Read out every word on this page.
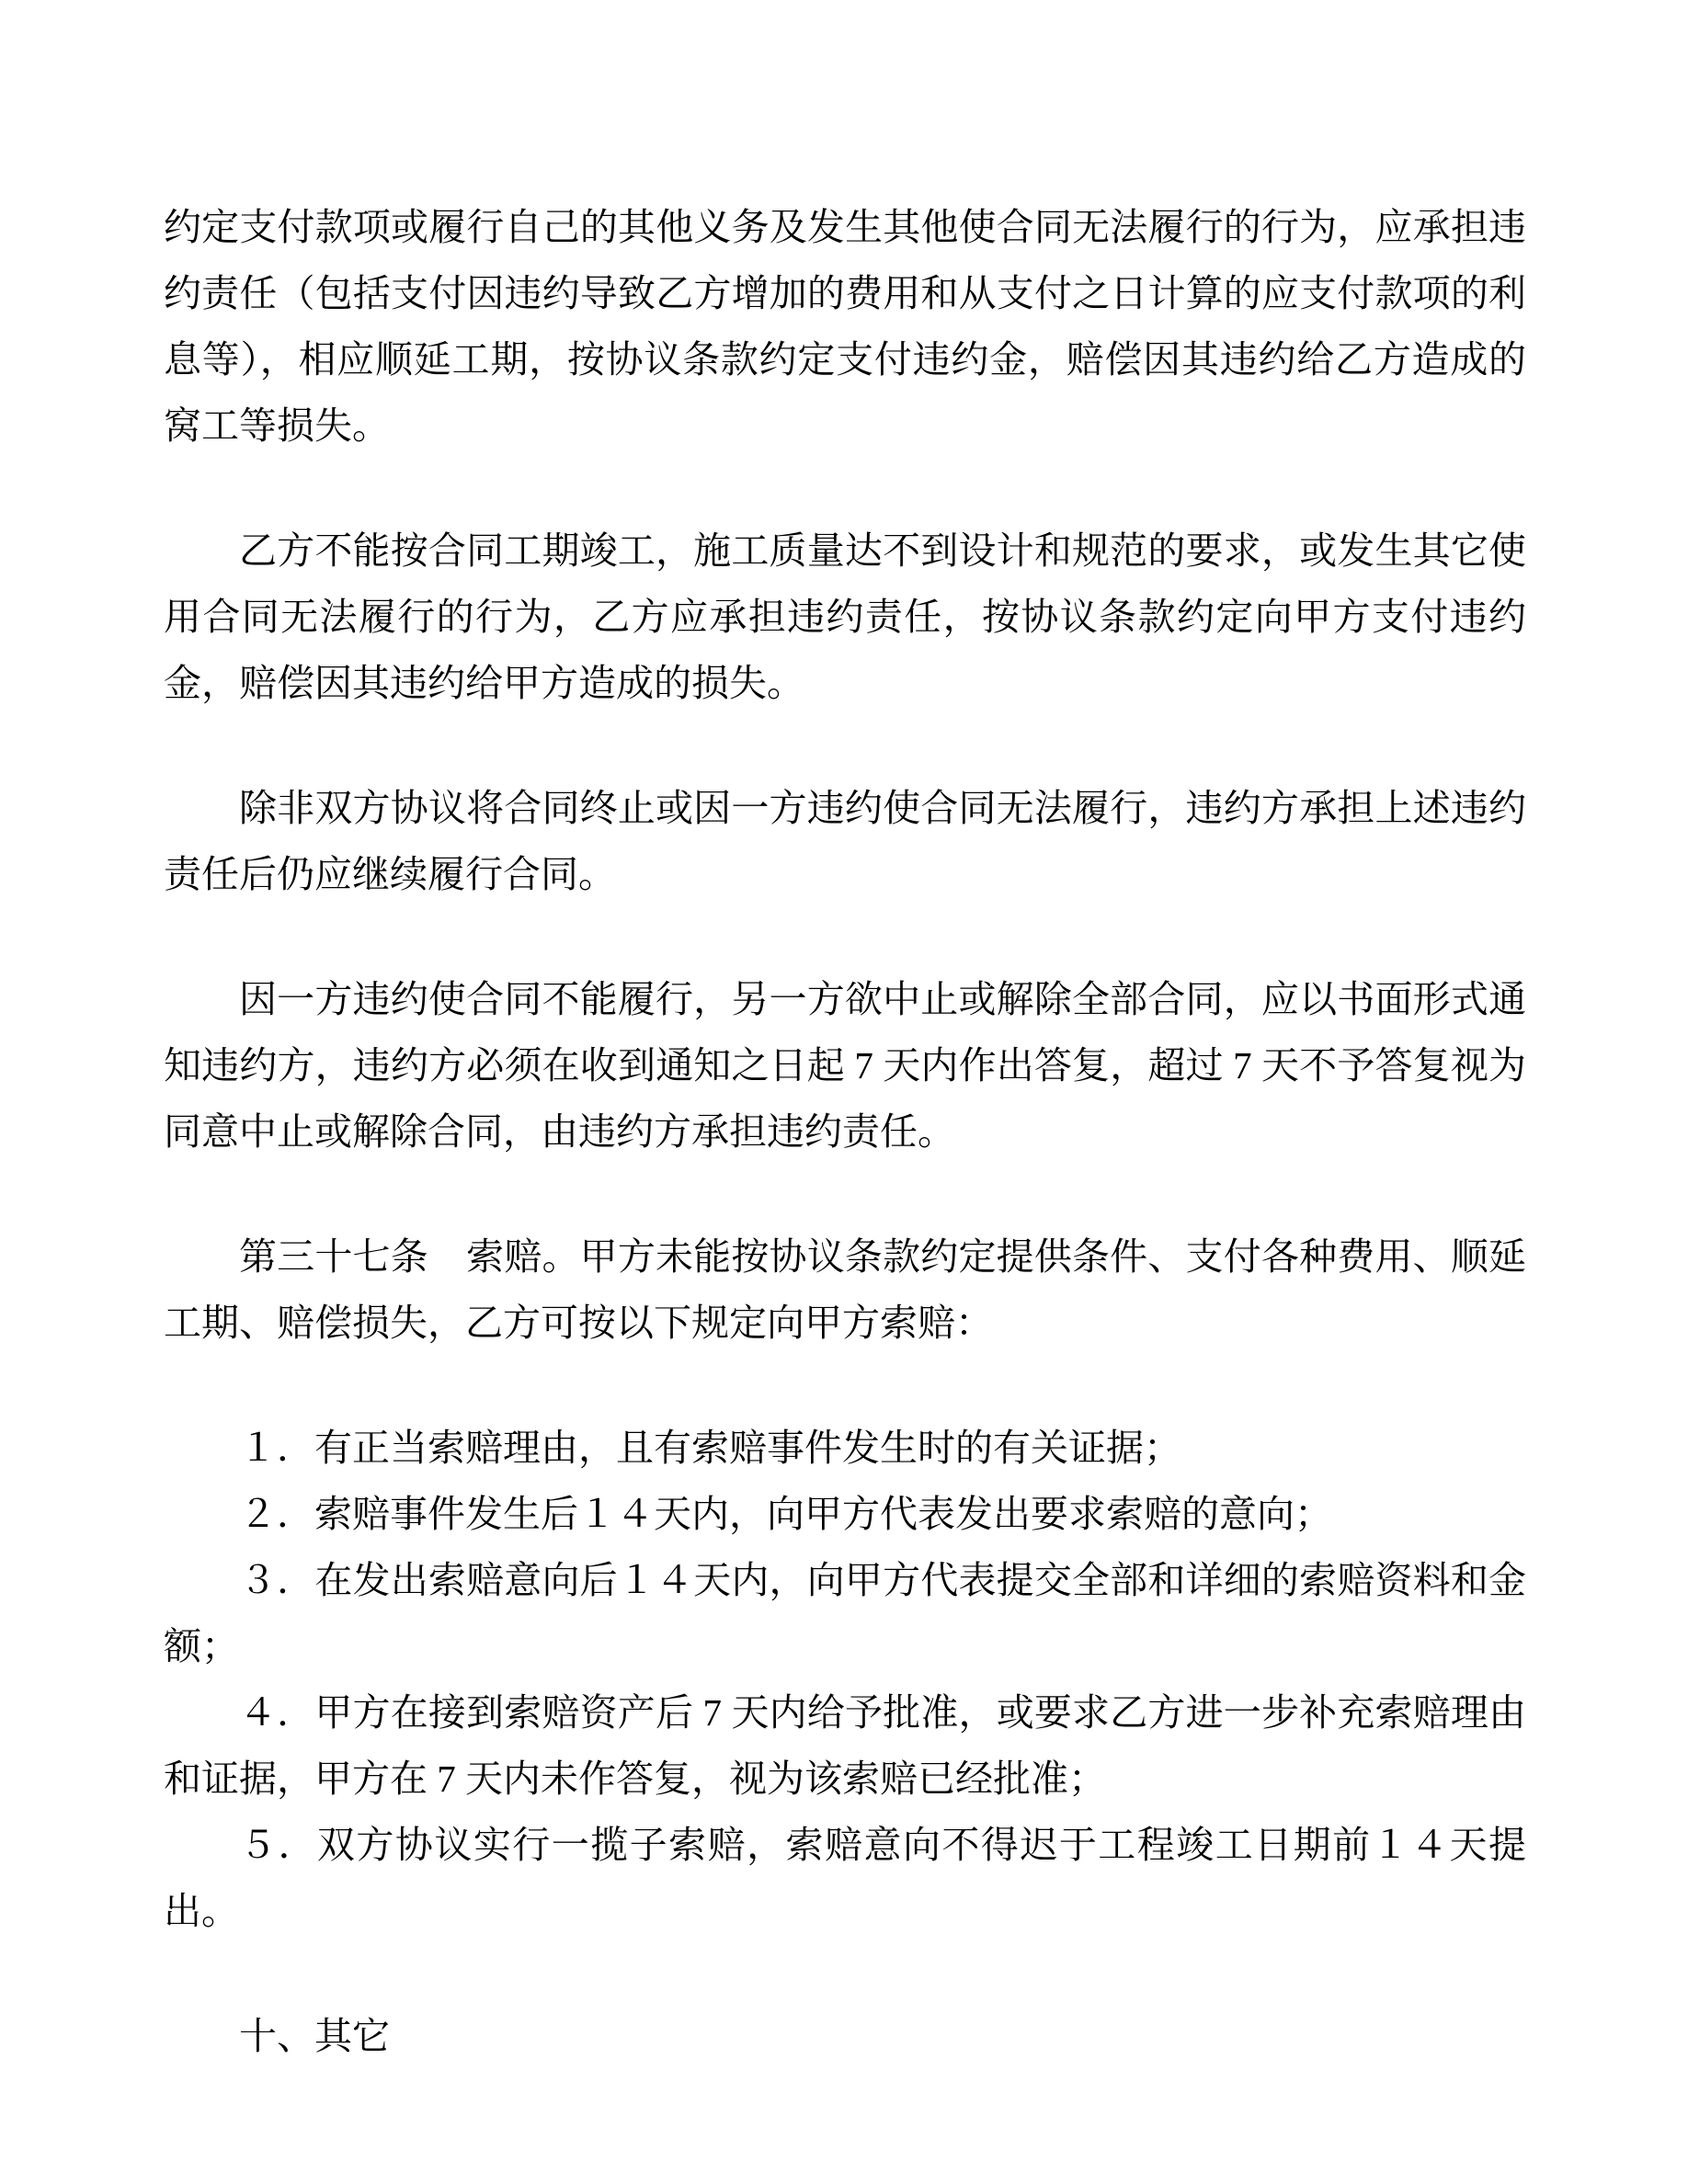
约定支付款项或履行自己的其他义务及发生其他使合同无法履行的行为，应承担违约责任（包括支付因违约导致乙方增加的费用和从支付之日计算的应支付款项的利息等），相应顺延工期，按协议条款约定支付违约金，赔偿因其违约给乙方造成的窝工等损失。

乙方不能按合同工期竣工，施工质量达不到设计和规范的要求，或发生其它使用合同无法履行的行为，乙方应承担违约责任，按协议条款约定向甲方支付违约金，赔偿因其违约给甲方造成的损失。

除非双方协议将合同终止或因一方违约使合同无法履行，违约方承担上述违约责任后仍应继续履行合同。

因一方违约使合同不能履行，另一方欲中止或解除全部合同，应以书面形式通知违约方，违约方必须在收到通知之日起 7 天内作出答复，超过 7 天不予答复视为同意中止或解除合同，由违约方承担违约责任。

第三十七条　索赔。甲方未能按协议条款约定提供条件、支付各种费用、顺延工期、赔偿损失，乙方可按以下规定向甲方索赔：

１．有正当索赔理由，且有索赔事件发生时的有关证据；

２．索赔事件发生后１４天内，向甲方代表发出要求索赔的意向；

３．在发出索赔意向后１４天内，向甲方代表提交全部和详细的索赔资料和金额；

４．甲方在接到索赔资产后 7 天内给予批准，或要求乙方进一步补充索赔理由和证据，甲方在 7 天内未作答复，视为该索赔已经批准；

５．双方协议实行一揽子索赔，索赔意向不得迟于工程竣工日期前１４天提出。

十、其它
